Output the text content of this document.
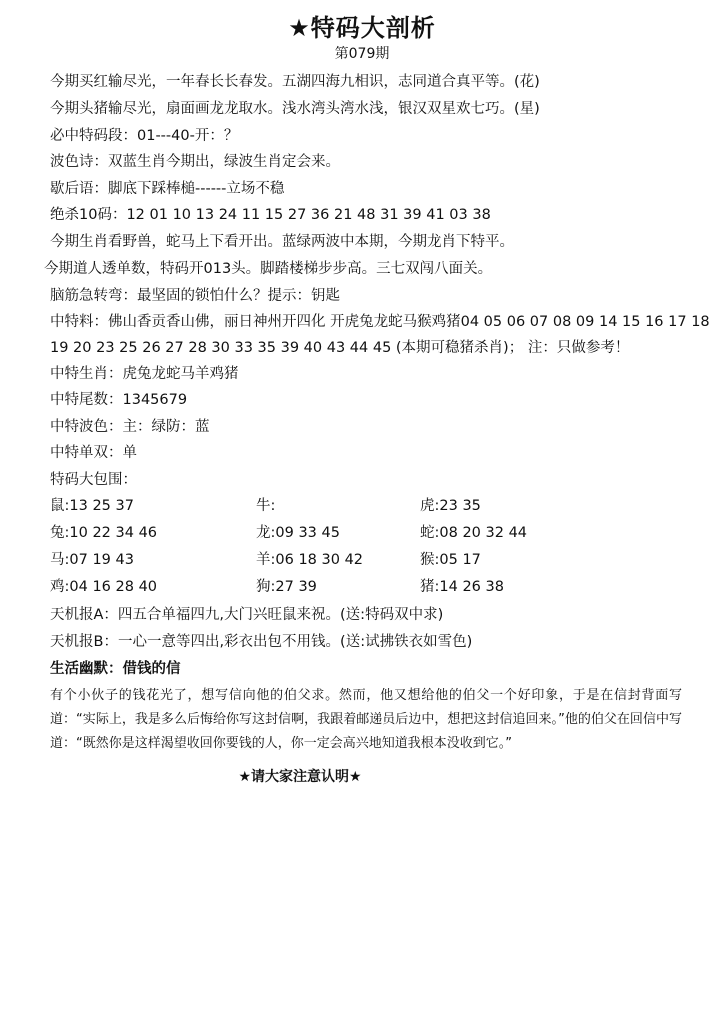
★特码大剖析
第079期
今期买红输尽光，一年春长长春发。五湖四海九相识，志同道合真平等。(花)
今期头猪输尽光，扇面画龙龙取水。浅水湾头湾水浅，银汉双星欢七巧。(星)
必中特码段：01---40-开：？
波色诗：双蓝生肖今期出，绿波生肖定会来。
歇后语：脚底下踩棒槌------立场不稳
绝杀10码：12 01 10 13 24 11 15 27 36 21 48 31 39 41 03 38
今期生肖看野兽，蛇马上下看开出。蓝绿两波中本期，今期龙肖下特平。
今期道人透单数，特码开013头。脚踏楼梯步步高。三七双闯八面关。
脑筋急转弯：最坚固的锁怕什么？提示：钥匙
中特料：佛山香贡香山佛，丽日神州开四化 开虎兔龙蛇马猴鸡猪04 05 06 07 08 09 14 15 16 17 18
19 20 23 25 26 27 28 30 33 35 39 40 43 44 45 (本期可稳猪杀肖)； 注：只做参考！
中特生肖：虎兔龙蛇马羊鸡猪
中特尾数：1345679
中特波色：主：绿防：蓝
中特单双：单
特码大包围：
鼠:13 25 37	牛:	虎:23 35
兔:10 22 34 46	龙:09 33 45	蛇:08 20 32 44
马:07 19 43	羊:06 18 30 42	猴:05 17
鸡:04 16 28 40	狗:27 39	猪:14 26 38
天机报A：四五合单福四九,大门兴旺鼠来祝。(送:特码双中求)
天机报B：一心一意等四出,彩衣出包不用钱。(送:试拂铁衣如雪色)
生活幽默：借钱的信
有个小伙子的钱花光了，想写信向他的伯父求。然而，他又想给他的伯父一个好印象，于是在信封背面写道：“实际上，我是多么后悔给你写这封信啊，我跟着邮递员后边中，想把这封信追回来。”他的伯父在回信中写道：“既然你是这样渴望收回你要钱的人，你一定会高兴地知道我根本没收到它。”
★请大家注意认明★
